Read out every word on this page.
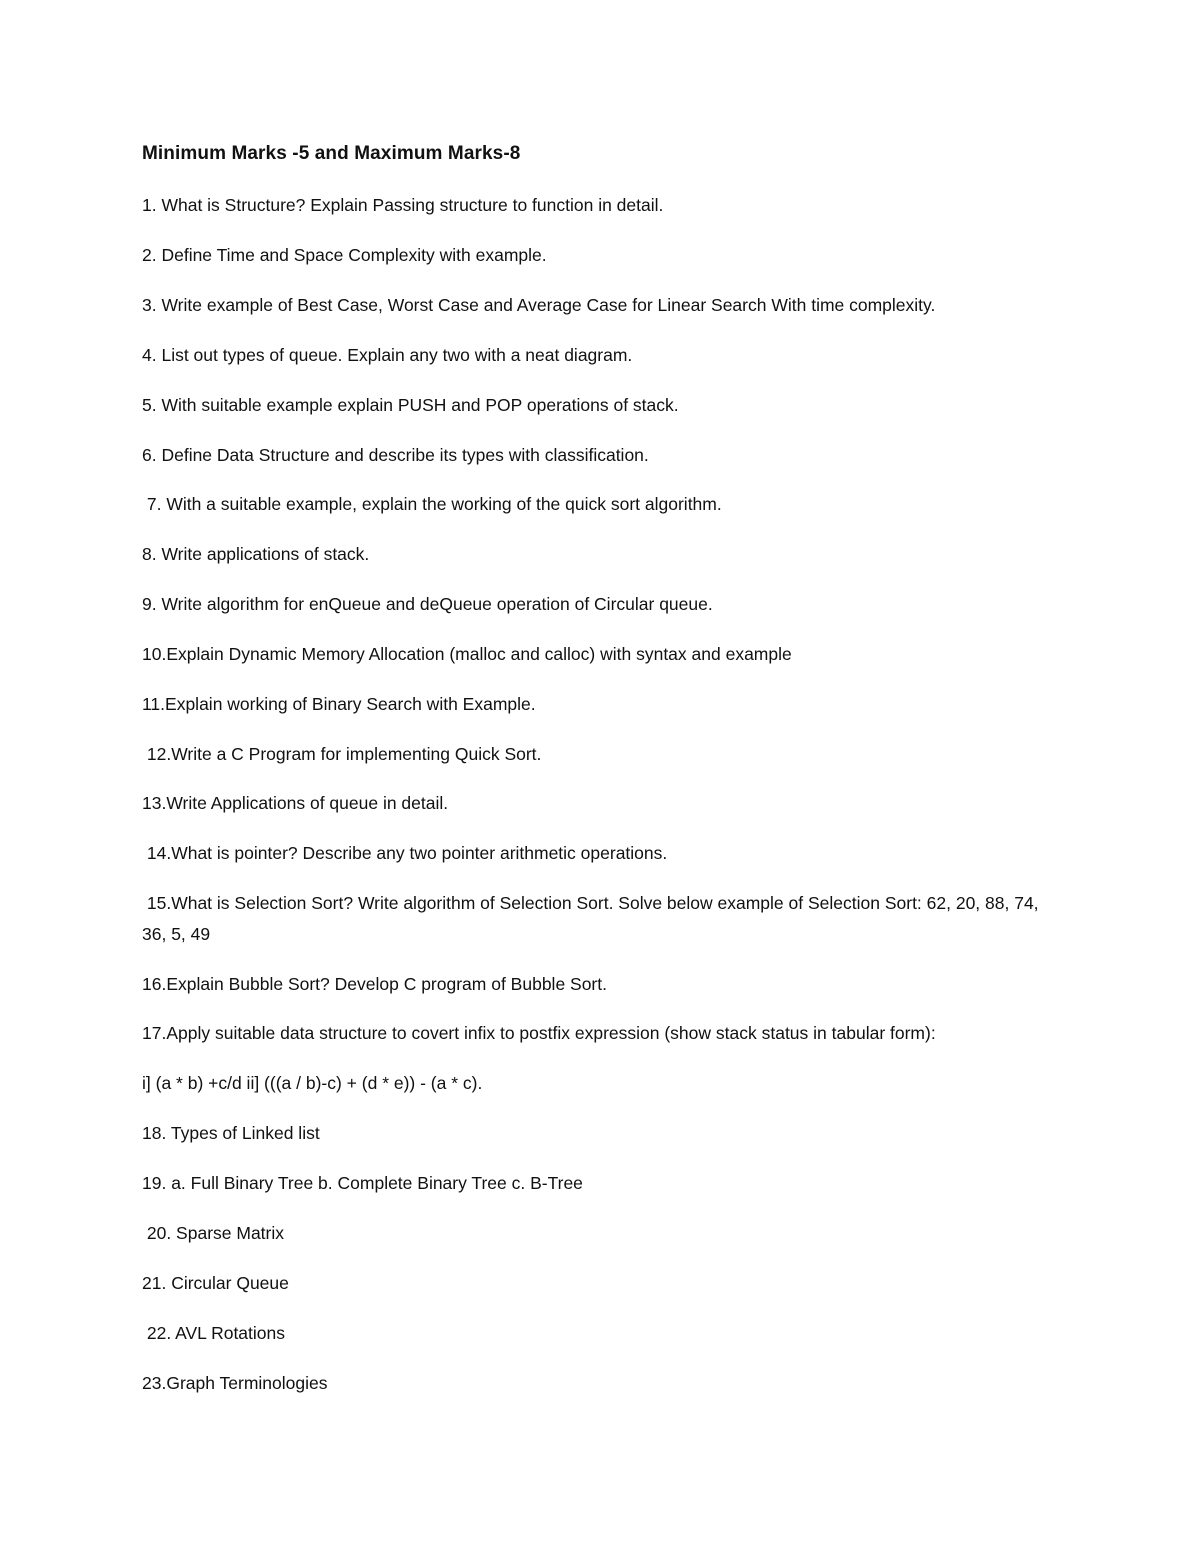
Minimum Marks -5 and Maximum Marks-8
1. What is Structure? Explain Passing structure to function in detail.
2. Define Time and Space Complexity with example.
3. Write example of Best Case, Worst Case and Average Case for Linear Search With time complexity.
4. List out types of queue. Explain any two with a neat diagram.
5. With suitable example explain PUSH and POP operations of stack.
6. Define Data Structure and describe its types with classification.
7. With a suitable example, explain the working of the quick sort algorithm.
8. Write applications of stack.
9. Write algorithm for enQueue and deQueue operation of Circular queue.
10.Explain Dynamic Memory Allocation (malloc and calloc) with syntax and example
11.Explain working of Binary Search with Example.
12.Write a C Program for implementing Quick Sort.
13.Write Applications of queue in detail.
14.What is pointer? Describe any two pointer arithmetic operations.
15.What is Selection Sort? Write algorithm of Selection Sort. Solve below example of Selection Sort: 62, 20, 88, 74, 36, 5, 49
16.Explain Bubble Sort? Develop C program of Bubble Sort.
17.Apply suitable data structure to covert infix to postfix expression (show stack status in tabular form):
i] (a * b) +c/d ii] (((a / b)-c) + (d * e)) - (a * c).
18. Types of Linked list
19. a. Full Binary Tree b. Complete Binary Tree c. B-Tree
20. Sparse Matrix
21. Circular Queue
22. AVL Rotations
23.Graph Terminologies
